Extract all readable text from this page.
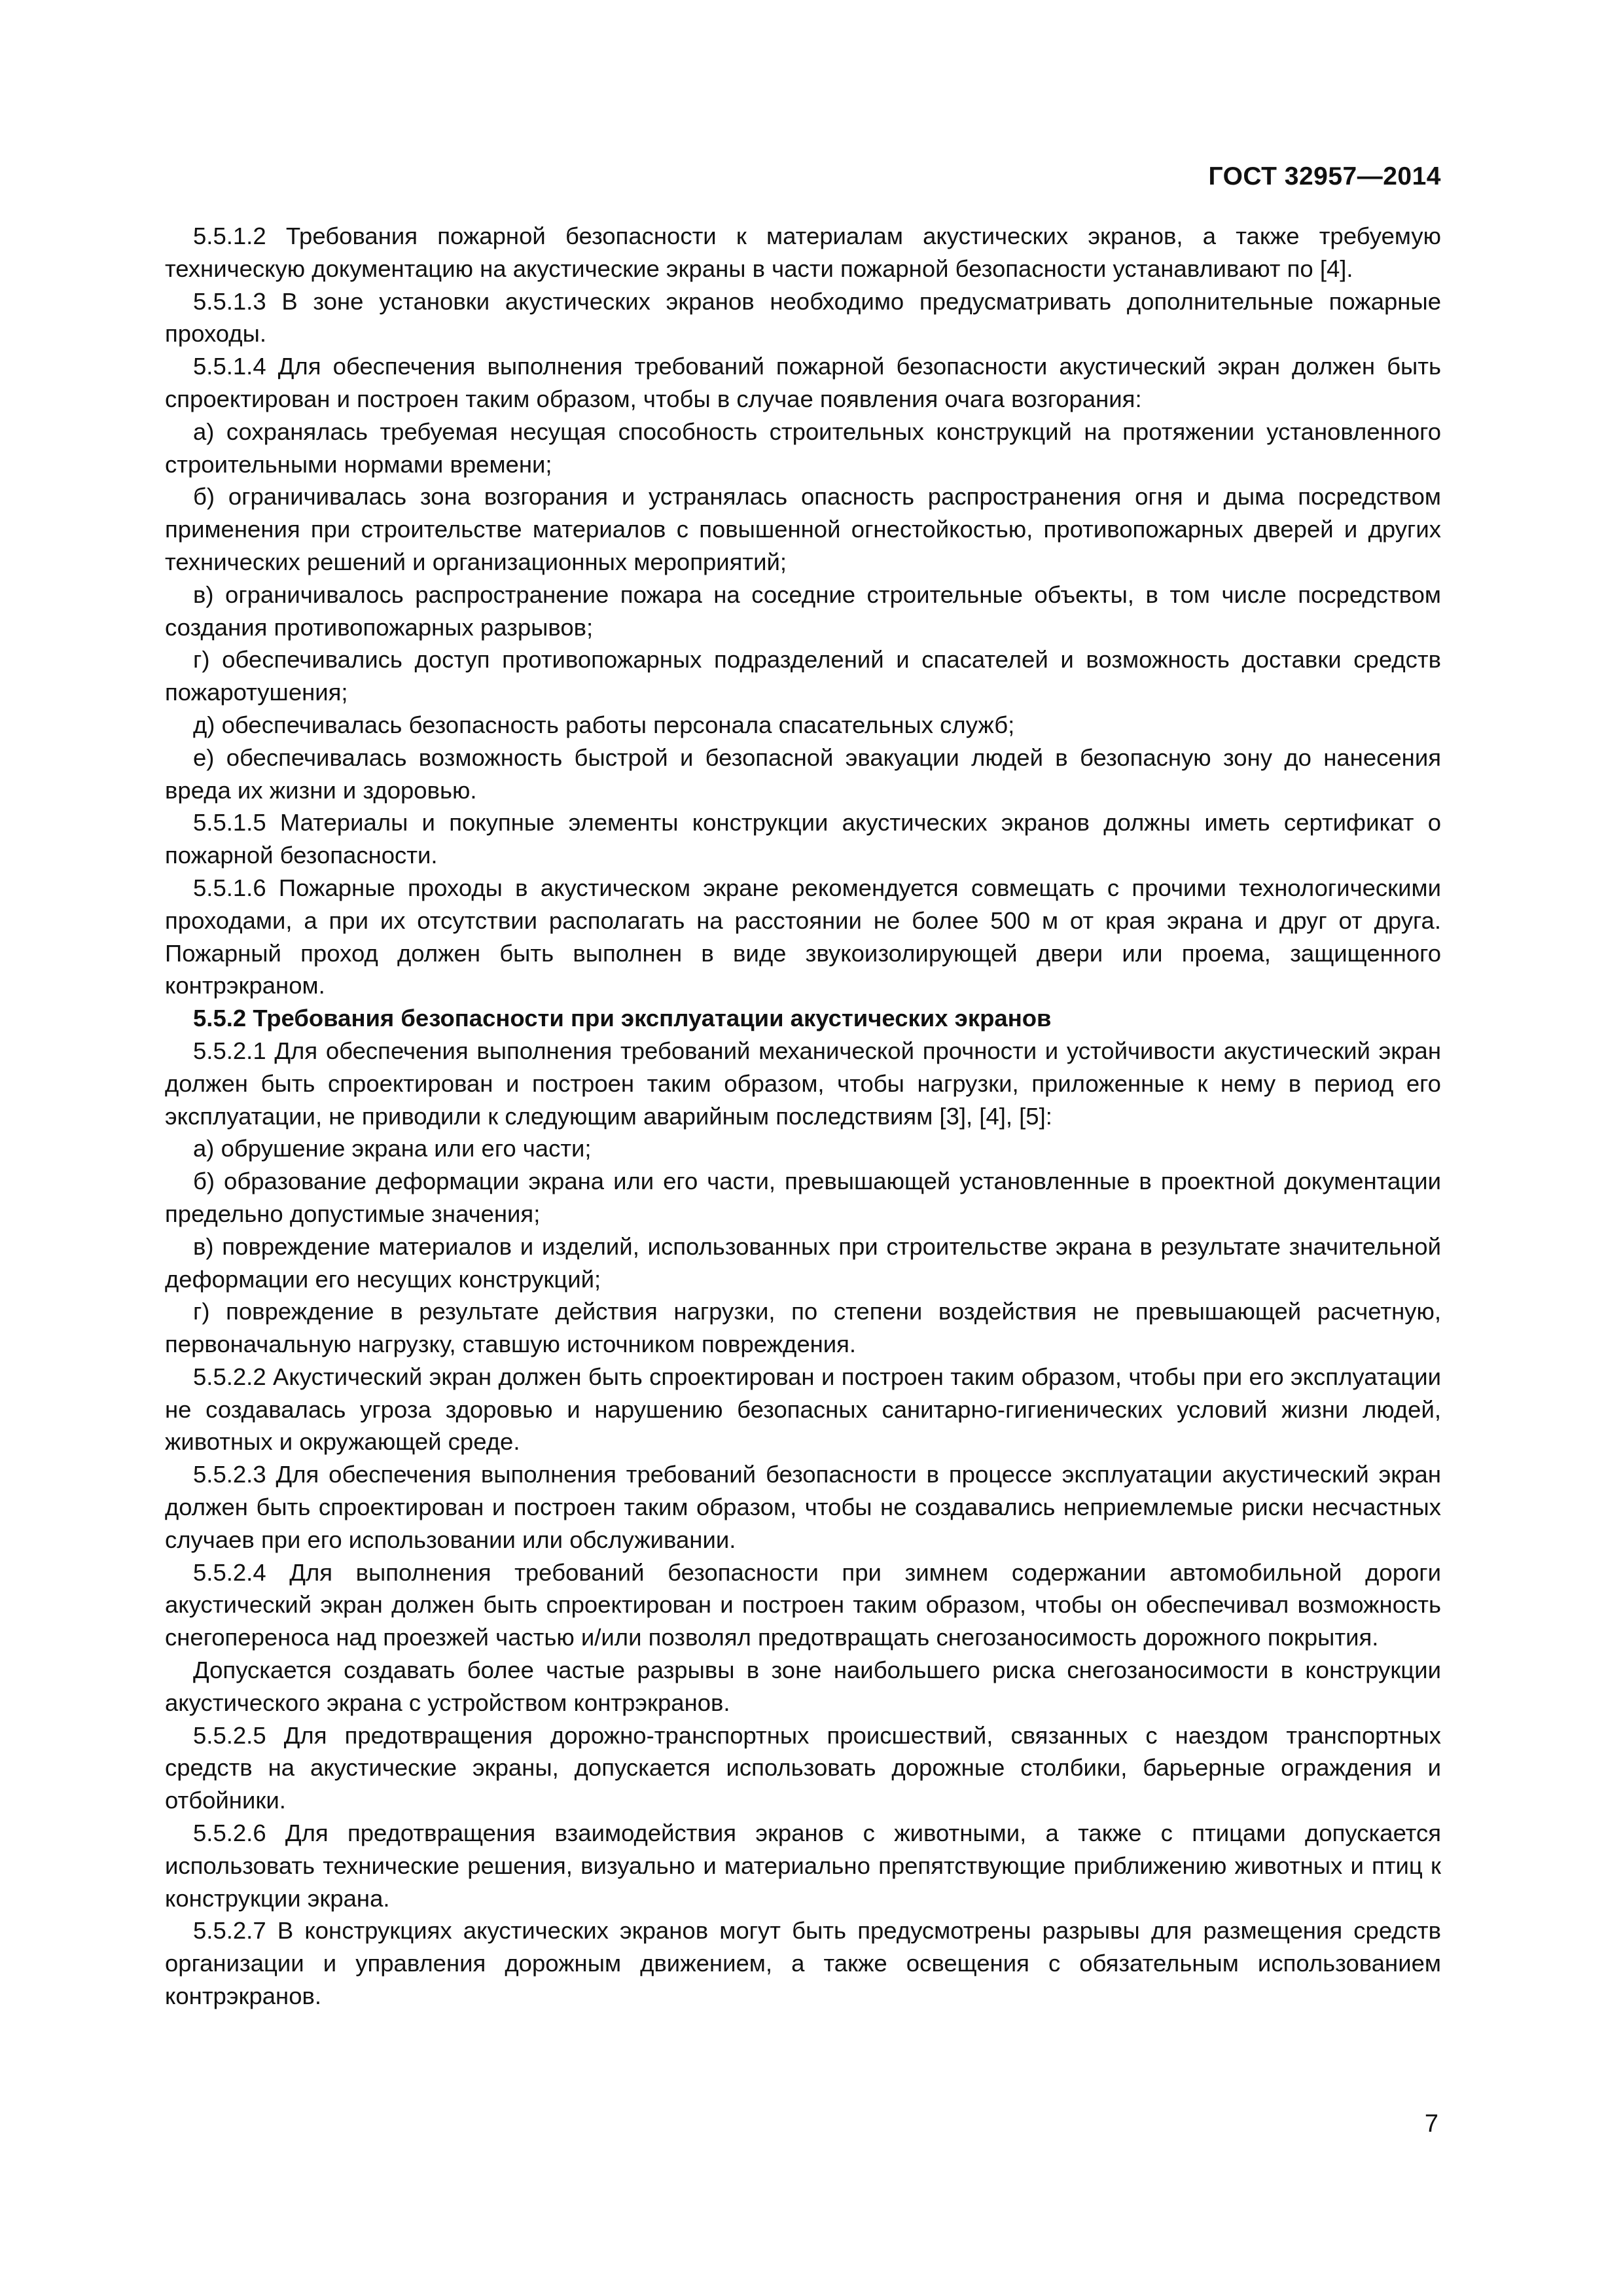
ГОСТ 32957—2014

5.5.1.2 Требования пожарной безопасности к материалам акустических экранов, а также требуемую техническую документацию на акустические экраны в части пожарной безопасности устанавливают по [4].

5.5.1.3 В зоне установки акустических экранов необходимо предусматривать дополнительные пожарные проходы.

5.5.1.4 Для обеспечения выполнения требований пожарной безопасности акустический экран должен быть спроектирован и построен таким образом, чтобы в случае появления очага возгорания:

а) сохранялась требуемая несущая способность строительных конструкций на протяжении установленного строительными нормами времени;

б) ограничивалась зона возгорания и устранялась опасность распространения огня и дыма посредством применения при строительстве материалов с повышенной огнестойкостью, противопожарных дверей и других технических решений и организационных мероприятий;

в) ограничивалось распространение пожара на соседние строительные объекты, в том числе посредством создания противопожарных разрывов;

г) обеспечивались доступ противопожарных подразделений и спасателей и возможность доставки средств пожаротушения;

д) обеспечивалась безопасность работы персонала спасательных служб;

е) обеспечивалась возможность быстрой и безопасной эвакуации людей в безопасную зону до нанесения вреда их жизни и здоровью.

5.5.1.5 Материалы и покупные элементы конструкции акустических экранов должны иметь сертификат о пожарной безопасности.

5.5.1.6 Пожарные проходы в акустическом экране рекомендуется совмещать с прочими технологическими проходами, а при их отсутствии располагать на расстоянии не более 500 м от края экрана и друг от друга. Пожарный проход должен быть выполнен в виде звукоизолирующей двери или проема, защищенного контрэкраном.

5.5.2 Требования безопасности при эксплуатации акустических экранов

5.5.2.1 Для обеспечения выполнения требований механической прочности и устойчивости акустический экран должен быть спроектирован и построен таким образом, чтобы нагрузки, приложенные к нему в период его эксплуатации, не приводили к следующим аварийным последствиям [3], [4], [5]:

а) обрушение экрана или его части;

б) образование деформации экрана или его части, превышающей установленные в проектной документации предельно допустимые значения;

в) повреждение материалов и изделий, использованных при строительстве экрана в результате значительной деформации его несущих конструкций;

г) повреждение в результате действия нагрузки, по степени воздействия не превышающей расчетную, первоначальную нагрузку, ставшую источником повреждения.

5.5.2.2 Акустический экран должен быть спроектирован и построен таким образом, чтобы при его эксплуатации не создавалась угроза здоровью и нарушению безопасных санитарно-гигиенических условий жизни людей, животных и окружающей среде.

5.5.2.3 Для обеспечения выполнения требований безопасности в процессе эксплуатации акустический экран должен быть спроектирован и построен таким образом, чтобы не создавались неприемлемые риски несчастных случаев при его использовании или обслуживании.

5.5.2.4 Для выполнения требований безопасности при зимнем содержании автомобильной дороги акустический экран должен быть спроектирован и построен таким образом, чтобы он обеспечивал возможность снегопереноса над проезжей частью и/или позволял предотвращать снегозаносимость дорожного покрытия.

Допускается создавать более частые разрывы в зоне наибольшего риска снегозаносимости в конструкции акустического экрана с устройством контрэкранов.

5.5.2.5 Для предотвращения дорожно-транспортных происшествий, связанных с наездом транспортных средств на акустические экраны, допускается использовать дорожные столбики, барьерные ограждения и отбойники.

5.5.2.6 Для предотвращения взаимодействия экранов с животными, а также с птицами допускается использовать технические решения, визуально и материально препятствующие приближению животных и птиц к конструкции экрана.

5.5.2.7 В конструкциях акустических экранов могут быть предусмотрены разрывы для размещения средств организации и управления дорожным движением, а также освещения с обязательным использованием контрэкранов.

7
